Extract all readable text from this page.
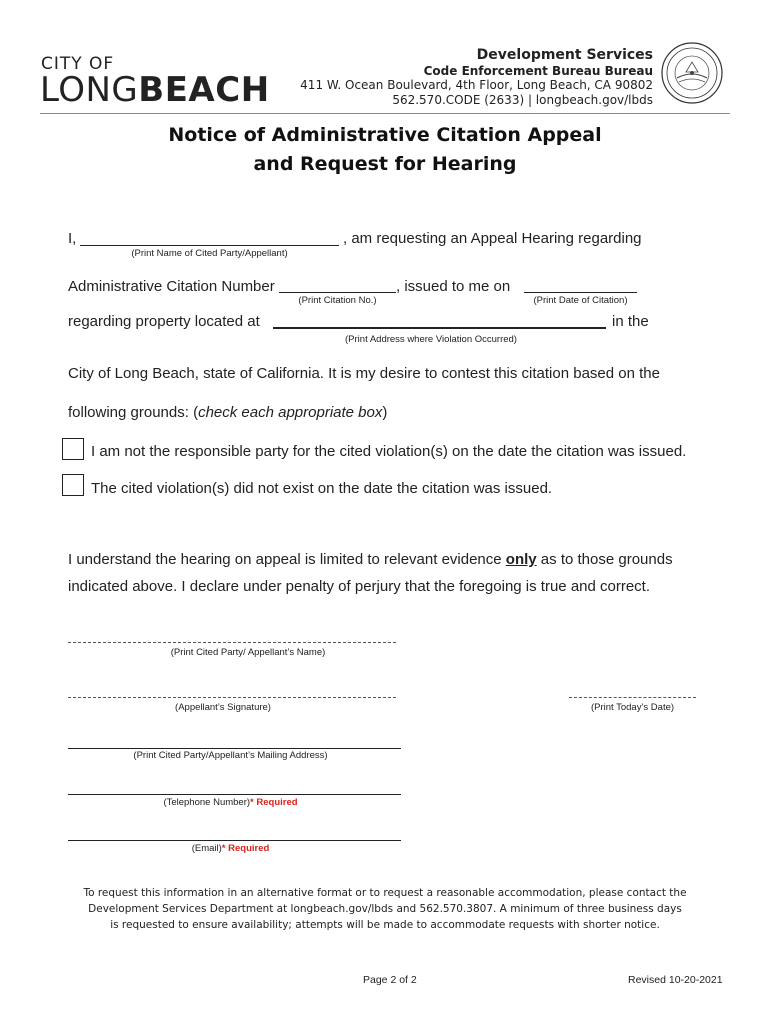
CITY OF
LONGBEACH
Development Services
Code Enforcement Bureau Bureau
411 W. Ocean Boulevard, 4th Floor, Long Beach, CA 90802
562.570.CODE (2633) | longbeach.gov/lbds
Notice of Administrative Citation Appeal
and Request for Hearing
I,	, am requesting an Appeal Hearing regarding
(Print Name of Cited Party/Appellant)
Administrative Citation Number	, issued to me on
(Print Citation No.)	(Print Date of Citation)
regarding property located at	in the
(Print Address where Violation Occurred)
City of Long Beach, state of California. It is my desire to contest this citation based on the
following grounds: (check each appropriate box)
I am not the responsible party for the cited violation(s) on the date the citation was issued.
The cited violation(s) did not exist on the date the citation was issued.
I understand the hearing on appeal is limited to relevant evidence only as to those grounds
indicated above. I declare under penalty of perjury that the foregoing is true and correct.
(Print Cited Party/ Appellant’s Name)
(Appellant’s Signature)	(Print Today’s Date)
(Print Cited Party/Appellant’s Mailing Address)
(Telephone Number)* Required
(Email)* Required
To request this information in an alternative format or to request a reasonable accommodation, please contact the
Development Services Department at longbeach.gov/lbds and 562.570.3807. A minimum of three business days
is requested to ensure availability; attempts will be made to accommodate requests with shorter notice.
Page 2 of 2	Revised 10-20-2021
